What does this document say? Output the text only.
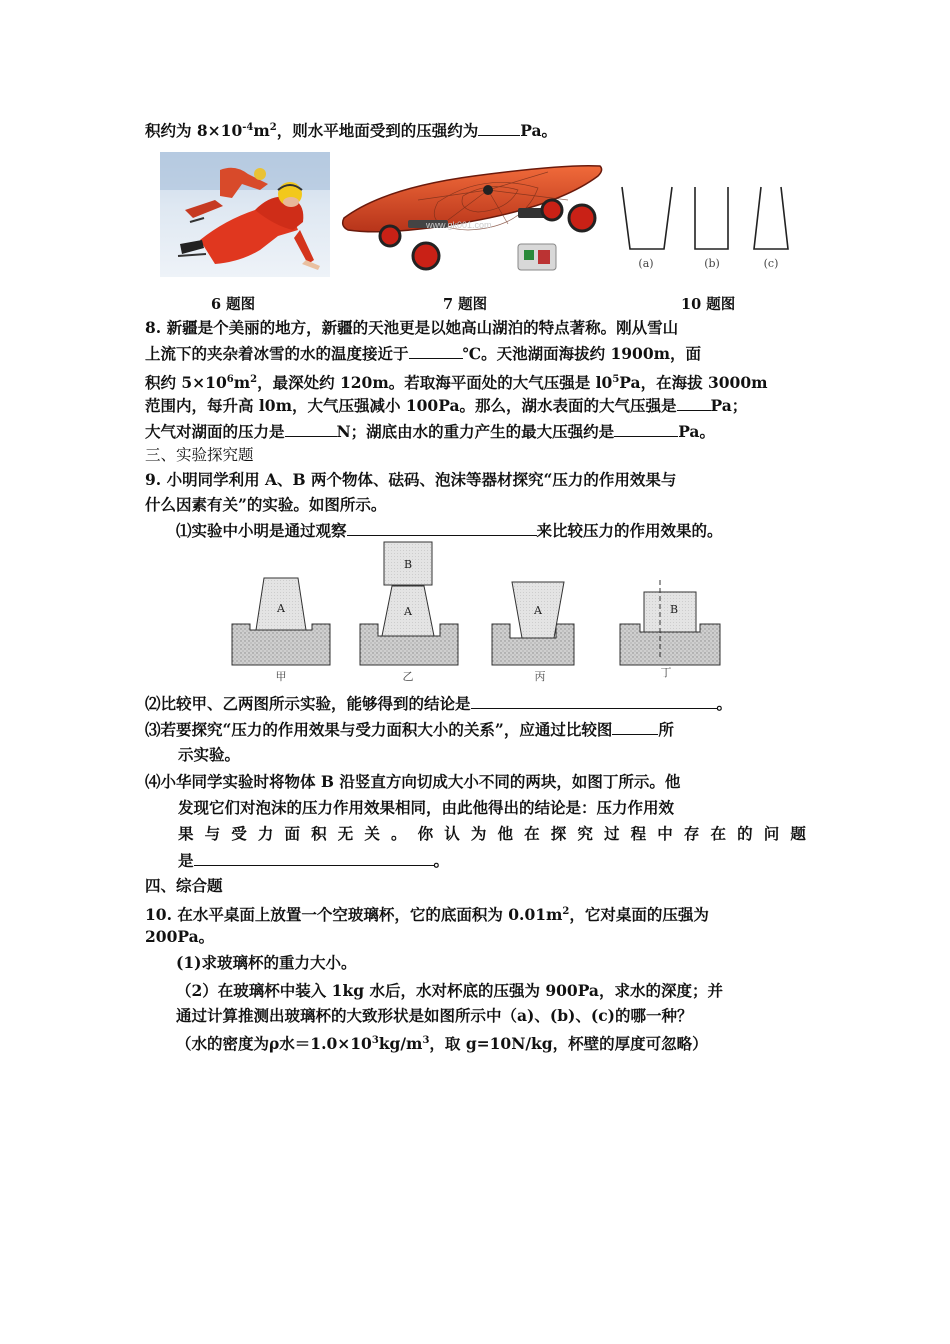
积约为 $8\times 10^{-4}m^2$，则水平地面受到的压强约为	Pa。
www.gk001.com
(a)	(b)	(c)
6 题图	7 题图	10 题图
8. 新疆是个美丽的地方，新疆的天池更是以她高山湖泊的特点著称。刚从雪山
上流下的夹杂着冰雪的水的温度接近于	℃。天池湖面海拔约 1900m，面
积约 $5\times 10^6m^2$，最深处约 120m。若取海平面处的大气压强是 $l0^5Pa$，在海拔 3000m
范围内，每升高 l0m，大气压强减小 100Pa。那么，湖水表面的大气压强是 Pa；
大气对湖面的压力是	N；湖底由水的重力产生的最大压强约是	Pa。
三、实验探究题
9. 小明同学利用 A、B 两个物体、砝码、泡沫等器材探究“压力的作用效果与
什么因素有关”的实验。如图所示。
⑴实验中小明是通过观察	来比较压力的作用效果的。
A
甲
B
A
乙
A
丙
B
丁
⑵比较甲、乙两图所示实验，能够得到的结论是	。
⑶若要探究“压力的作用效果与受力面积大小的关系”，应通过比较图	所
示实验。
⑷小华同学实验时将物体 B 沿竖直方向切成大小不同的两块，如图丁所示。他
发现它们对泡沫的压力作用效果相同，由此他得出的结论是：压力作用效
果 与 受 力 面 积 无 关 。 你 认 为 他 在 探 究 过 程 中 存 在 的 问 题
是	。
四、综合题
10. 在水平桌面上放置一个空玻璃杯，它的底面积为 $0.01m^2$，它对桌面的压强为
200Pa。
(1)求玻璃杯的重力大小。
（2）在玻璃杯中装入 1kg 水后，水对杯底的压强为 900Pa，求水的深度；并
通过计算推测出玻璃杯的大致形状是如图所示中（a)、(b)、(c)的哪一种？
（水的密度为ρ水$=1.0\times 10^3kg/m^3$，取 g=10N/kg，杯壁的厚度可忽略）
